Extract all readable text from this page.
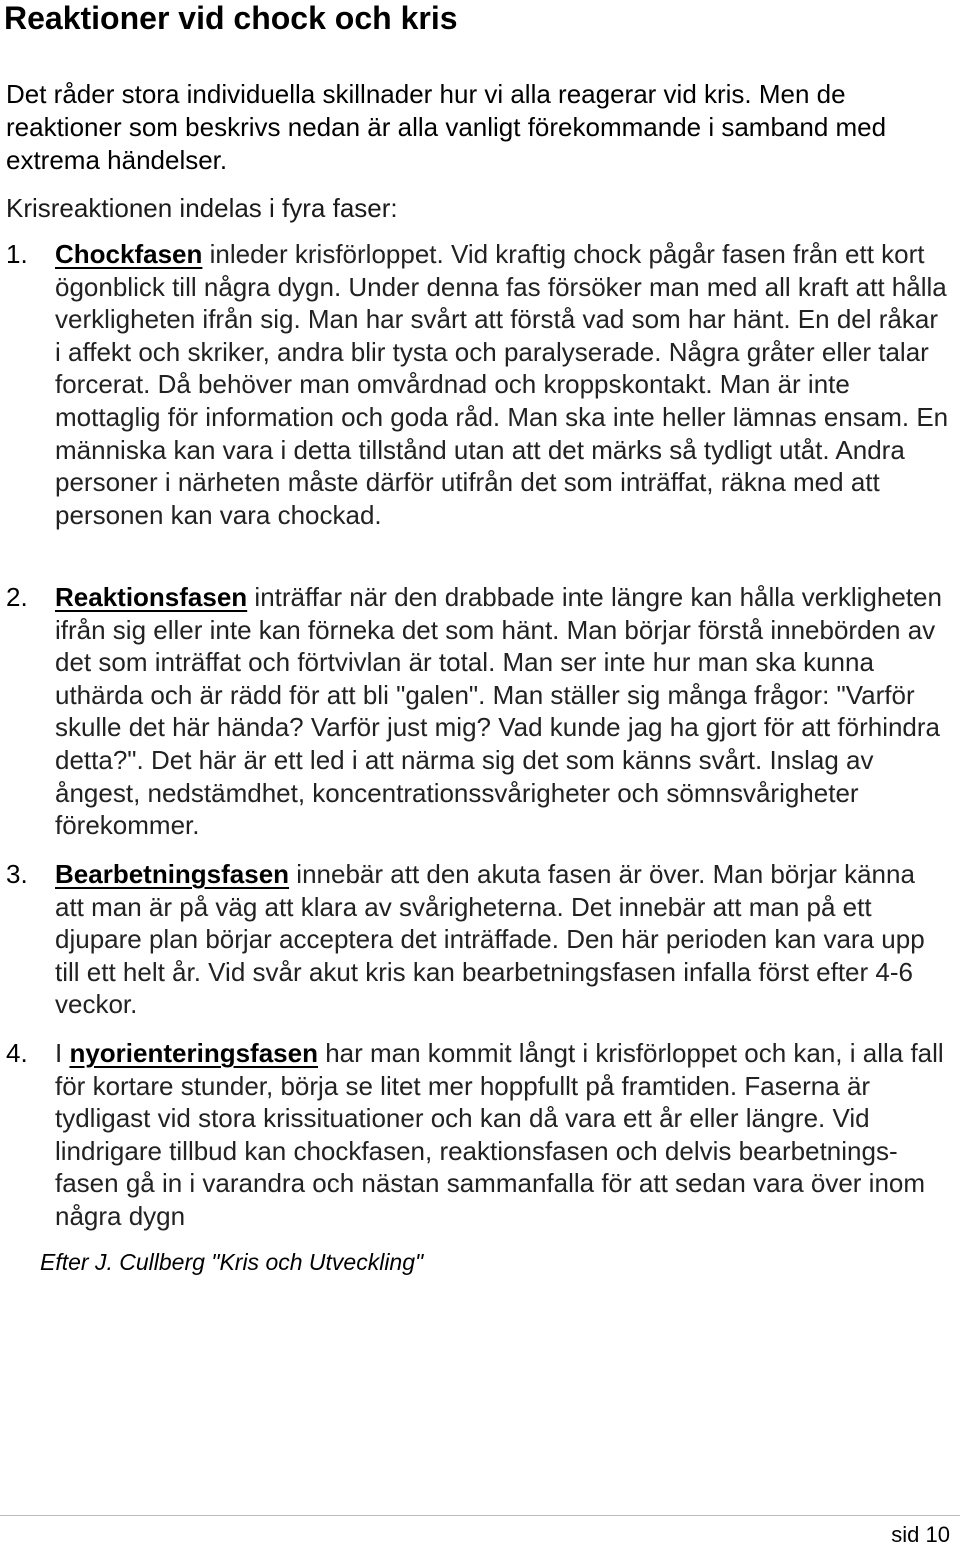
Reaktioner vid chock och kris

Det råder stora individuella skillnader hur vi alla reagerar vid kris. Men de reaktioner som beskrivs nedan är alla vanligt förekommande i samband med extrema händelser.

Krisreaktionen indelas i fyra faser:

1. Chockfasen inleder krisförloppet. Vid kraftig chock pågår fasen från ett kort ögonblick till några dygn. Under denna fas försöker man med all kraft att hålla verkligheten ifrån sig. Man har svårt att förstå vad som har hänt. En del råkar i affekt och skriker, andra blir tysta och paralyserade. Några gråter eller talar forcerat. Då behöver man omvårdnad och kroppskontakt. Man är inte mottaglig för information och goda råd. Man ska inte heller lämnas ensam. En människa kan vara i detta tillstånd utan att det märks så tydligt utåt. Andra personer i närheten måste därför utifrån det som inträffat, räkna med att personen kan vara chockad.

2. Reaktionsfasen inträffar när den drabbade inte längre kan hålla verkligheten ifrån sig eller inte kan förneka det som hänt. Man börjar förstå innebörden av det som inträffat och förtvivlan är total. Man ser inte hur man ska kunna uthärda och är rädd för att bli "galen". Man ställer sig många frågor: "Varför skulle det här hända? Varför just mig? Vad kunde jag ha gjort för att förhindra detta?". Det här är ett led i att närma sig det som känns svårt. Inslag av ångest, nedstämdhet, koncentrationssvårigheter och sömnsvårigheter förekommer.

3. Bearbetningsfasen innebär att den akuta fasen är över. Man börjar känna att man är på väg att klara av svårigheterna. Det innebär att man på ett djupare plan börjar acceptera det inträffade. Den här perioden kan vara upp till ett helt år. Vid svår akut kris kan bearbetningsfasen infalla först efter 4-6 veckor.

4. I nyorienteringsfasen har man kommit långt i krisförloppet och kan, i alla fall för kortare stunder, börja se litet mer hoppfullt på framtiden. Faserna är tydligast vid stora krissituationer och kan då vara ett år eller längre. Vid lindrigare tillbud kan chockfasen, reaktionsfasen och delvis bearbetnings- fasen gå in i varandra och nästan sammanfalla för att sedan vara över inom några dygn

Efter J. Cullberg "Kris och Utveckling"

sid 10
